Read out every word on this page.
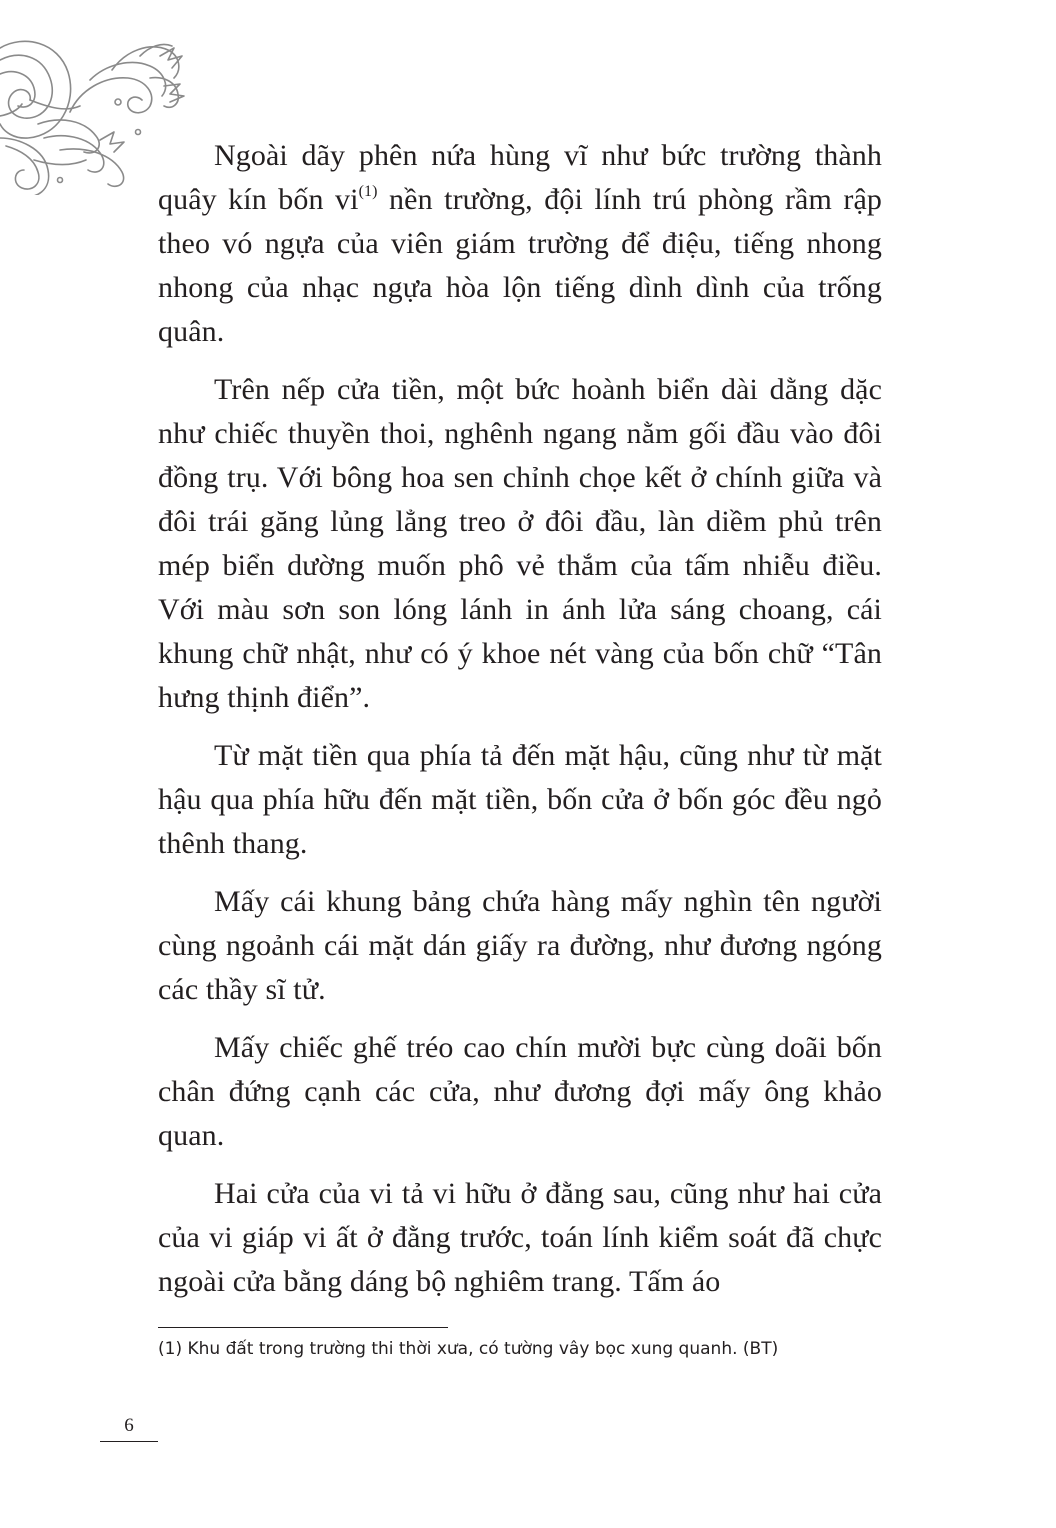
Ngoài dãy phên nứa hùng vĩ như bức trường thành quây kín bốn $vi^{(1)}$ nền trường, đội lính trú phòng rầm rập theo vó ngựa của viên giám trường để điệu, tiếng nhong nhong của nhạc ngựa hòa lộn tiếng dình dình của trống quân.

Trên nếp cửa tiền, một bức hoành biển dài dằng dặc như chiếc thuyền thoi, nghênh ngang nằm gối đầu vào đôi đồng trụ. Với bông hoa sen chỉnh chọe kết ở chính giữa và đôi trái găng lủng lẳng treo ở đôi đầu, làn diềm phủ trên mép biển dường muốn phô vẻ thắm của tấm nhiễu điều. Với màu sơn son lóng lánh in ánh lửa sáng choang, cái khung chữ nhật, như có ý khoe nét vàng của bốn chữ “Tân hưng thịnh điển”.

Từ mặt tiền qua phía tả đến mặt hậu, cũng như từ mặt hậu qua phía hữu đến mặt tiền, bốn cửa ở bốn góc đều ngỏ thênh thang.

Mấy cái khung bảng chứa hàng mấy nghìn tên người cùng ngoảnh cái mặt dán giấy ra đường, như đương ngóng các thầy sĩ tử.

Mấy chiếc ghế tréo cao chín mười bực cùng doãi bốn chân đứng cạnh các cửa, như đương đợi mấy ông khảo quan.

Hai cửa của vi tả vi hữu ở đằng sau, cũng như hai cửa của vi giáp vi ất ở đằng trước, toán lính kiểm soát đã chực ngoài cửa bằng dáng bộ nghiêm trang. Tấm áo

(1) Khu đất trong trường thi thời xưa, có tường vây bọc xung quanh. (BT)
6
